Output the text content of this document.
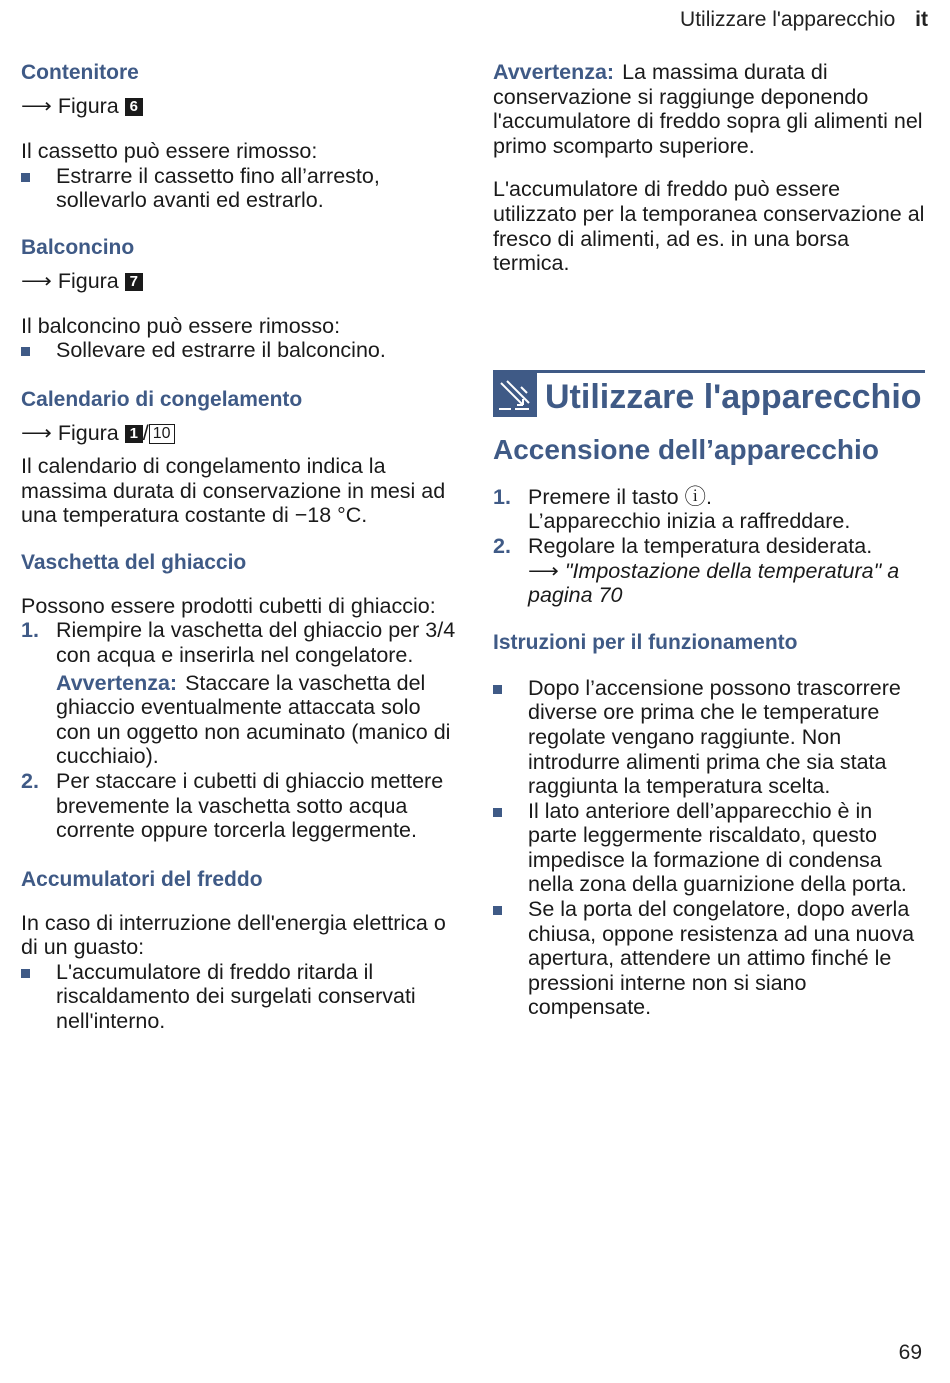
Utilizzare l'apparecchio it
Contenitore
⟶ Figura 6

Il cassetto può essere rimosso:

Estrarre il cassetto fino all’arresto, sollevarlo avanti ed estrarlo.
Balconcino
⟶ Figura 7

Il balconcino può essere rimosso:

Sollevare ed estrarre il balconcino.
Calendario di congelamento
⟶ Figura 1 / 10

Il calendario di congelamento indica la massima durata di conservazione in mesi ad una temperatura costante di −18 °C.

Vaschetta del ghiaccio

Possono essere prodotti cubetti di ghiaccio:

1. Riempire la vaschetta del ghiaccio per 3/4 con acqua e inserirla nel congelatore.
Avvertenza: Staccare la vaschetta del ghiaccio eventualmente attaccata solo con un oggetto non acuminato (manico di cucchiaio).
2. Per staccare i cubetti di ghiaccio mettere brevemente la vaschetta sotto acqua corrente oppure torcerla leggermente.
Accumulatori del freddo

In caso di interruzione dell'energia elettrica o di un guasto:

L'accumulatore di freddo ritarda il riscaldamento dei surgelati conservati nell'interno.

Avvertenza: La massima durata di conservazione si raggiunge deponendo l'accumulatore di freddo sopra gli alimenti nel primo scomparto superiore.

L'accumulatore di freddo può essere utilizzato per la temporanea conservazione al fresco di alimenti, ad es. in una borsa termica.

Utilizzare l'apparecchio
Accensione dell’apparecchio
1. Premere il tasto ⓘ.
L’apparecchio inizia a raffreddare.
2. Regolare la temperatura desiderata.
⟶ "Impostazione della temperatura" a pagina 70
Istruzioni per il funzionamento
Dopo l’accensione possono trascorrere diverse ore prima che le temperature regolate vengano raggiunte. Non introdurre alimenti prima che sia stata raggiunta la temperatura scelta.
Il lato anteriore dell’apparecchio è in parte leggermente riscaldato, questo impedisce la formazione di condensa nella zona della guarnizione della porta.
Se la porta del congelatore, dopo averla chiusa, oppone resistenza ad una nuova apertura, attendere un attimo finché le pressioni interne non si siano compensate.
69
